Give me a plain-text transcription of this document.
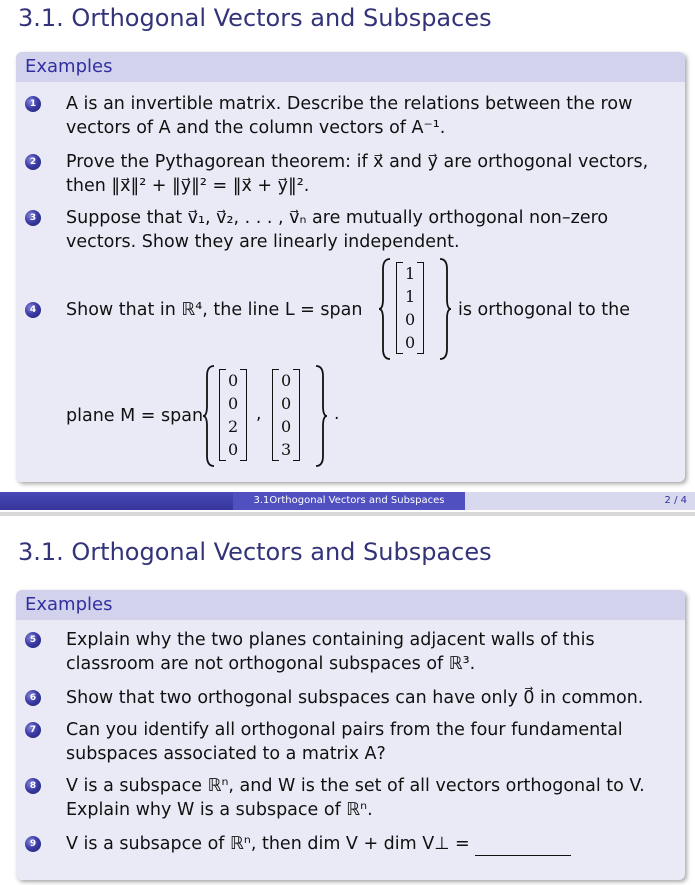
3.1. Orthogonal Vectors and Subspaces
Examples
1 A is an invertible matrix. Describe the relations between the row vectors of A and the column vectors of A⁻¹.
2 Prove the Pythagorean theorem: if x⃗ and y⃗ are orthogonal vectors, then ‖x⃗‖² + ‖y⃗‖² = ‖x⃗ + y⃗‖².
3 Suppose that v⃗₁, v⃗₂, . . . , v⃗ₙ are mutually orthogonal non–zero vectors. Show they are linearly independent.
4 Show that in ℝ⁴, the line L = span
1
1
0
0
is orthogonal to the
plane M = span
0
0
2
0
,
0
0
0
3
.
3.1Orthogonal Vectors and Subspaces	2 / 4
3.1. Orthogonal Vectors and Subspaces
Examples
5 Explain why the two planes containing adjacent walls of this classroom are not orthogonal subspaces of ℝ³.
6 Show that two orthogonal subspaces can have only 0⃗ in common.
7 Can you identify all orthogonal pairs from the four fundamental subspaces associated to a matrix A?
8 V is a subspace ℝⁿ, and W is the set of all vectors orthogonal to V. Explain why W is a subspace of ℝⁿ.
9 V is a subsapce of ℝⁿ, then dim V + dim V⊥ =
